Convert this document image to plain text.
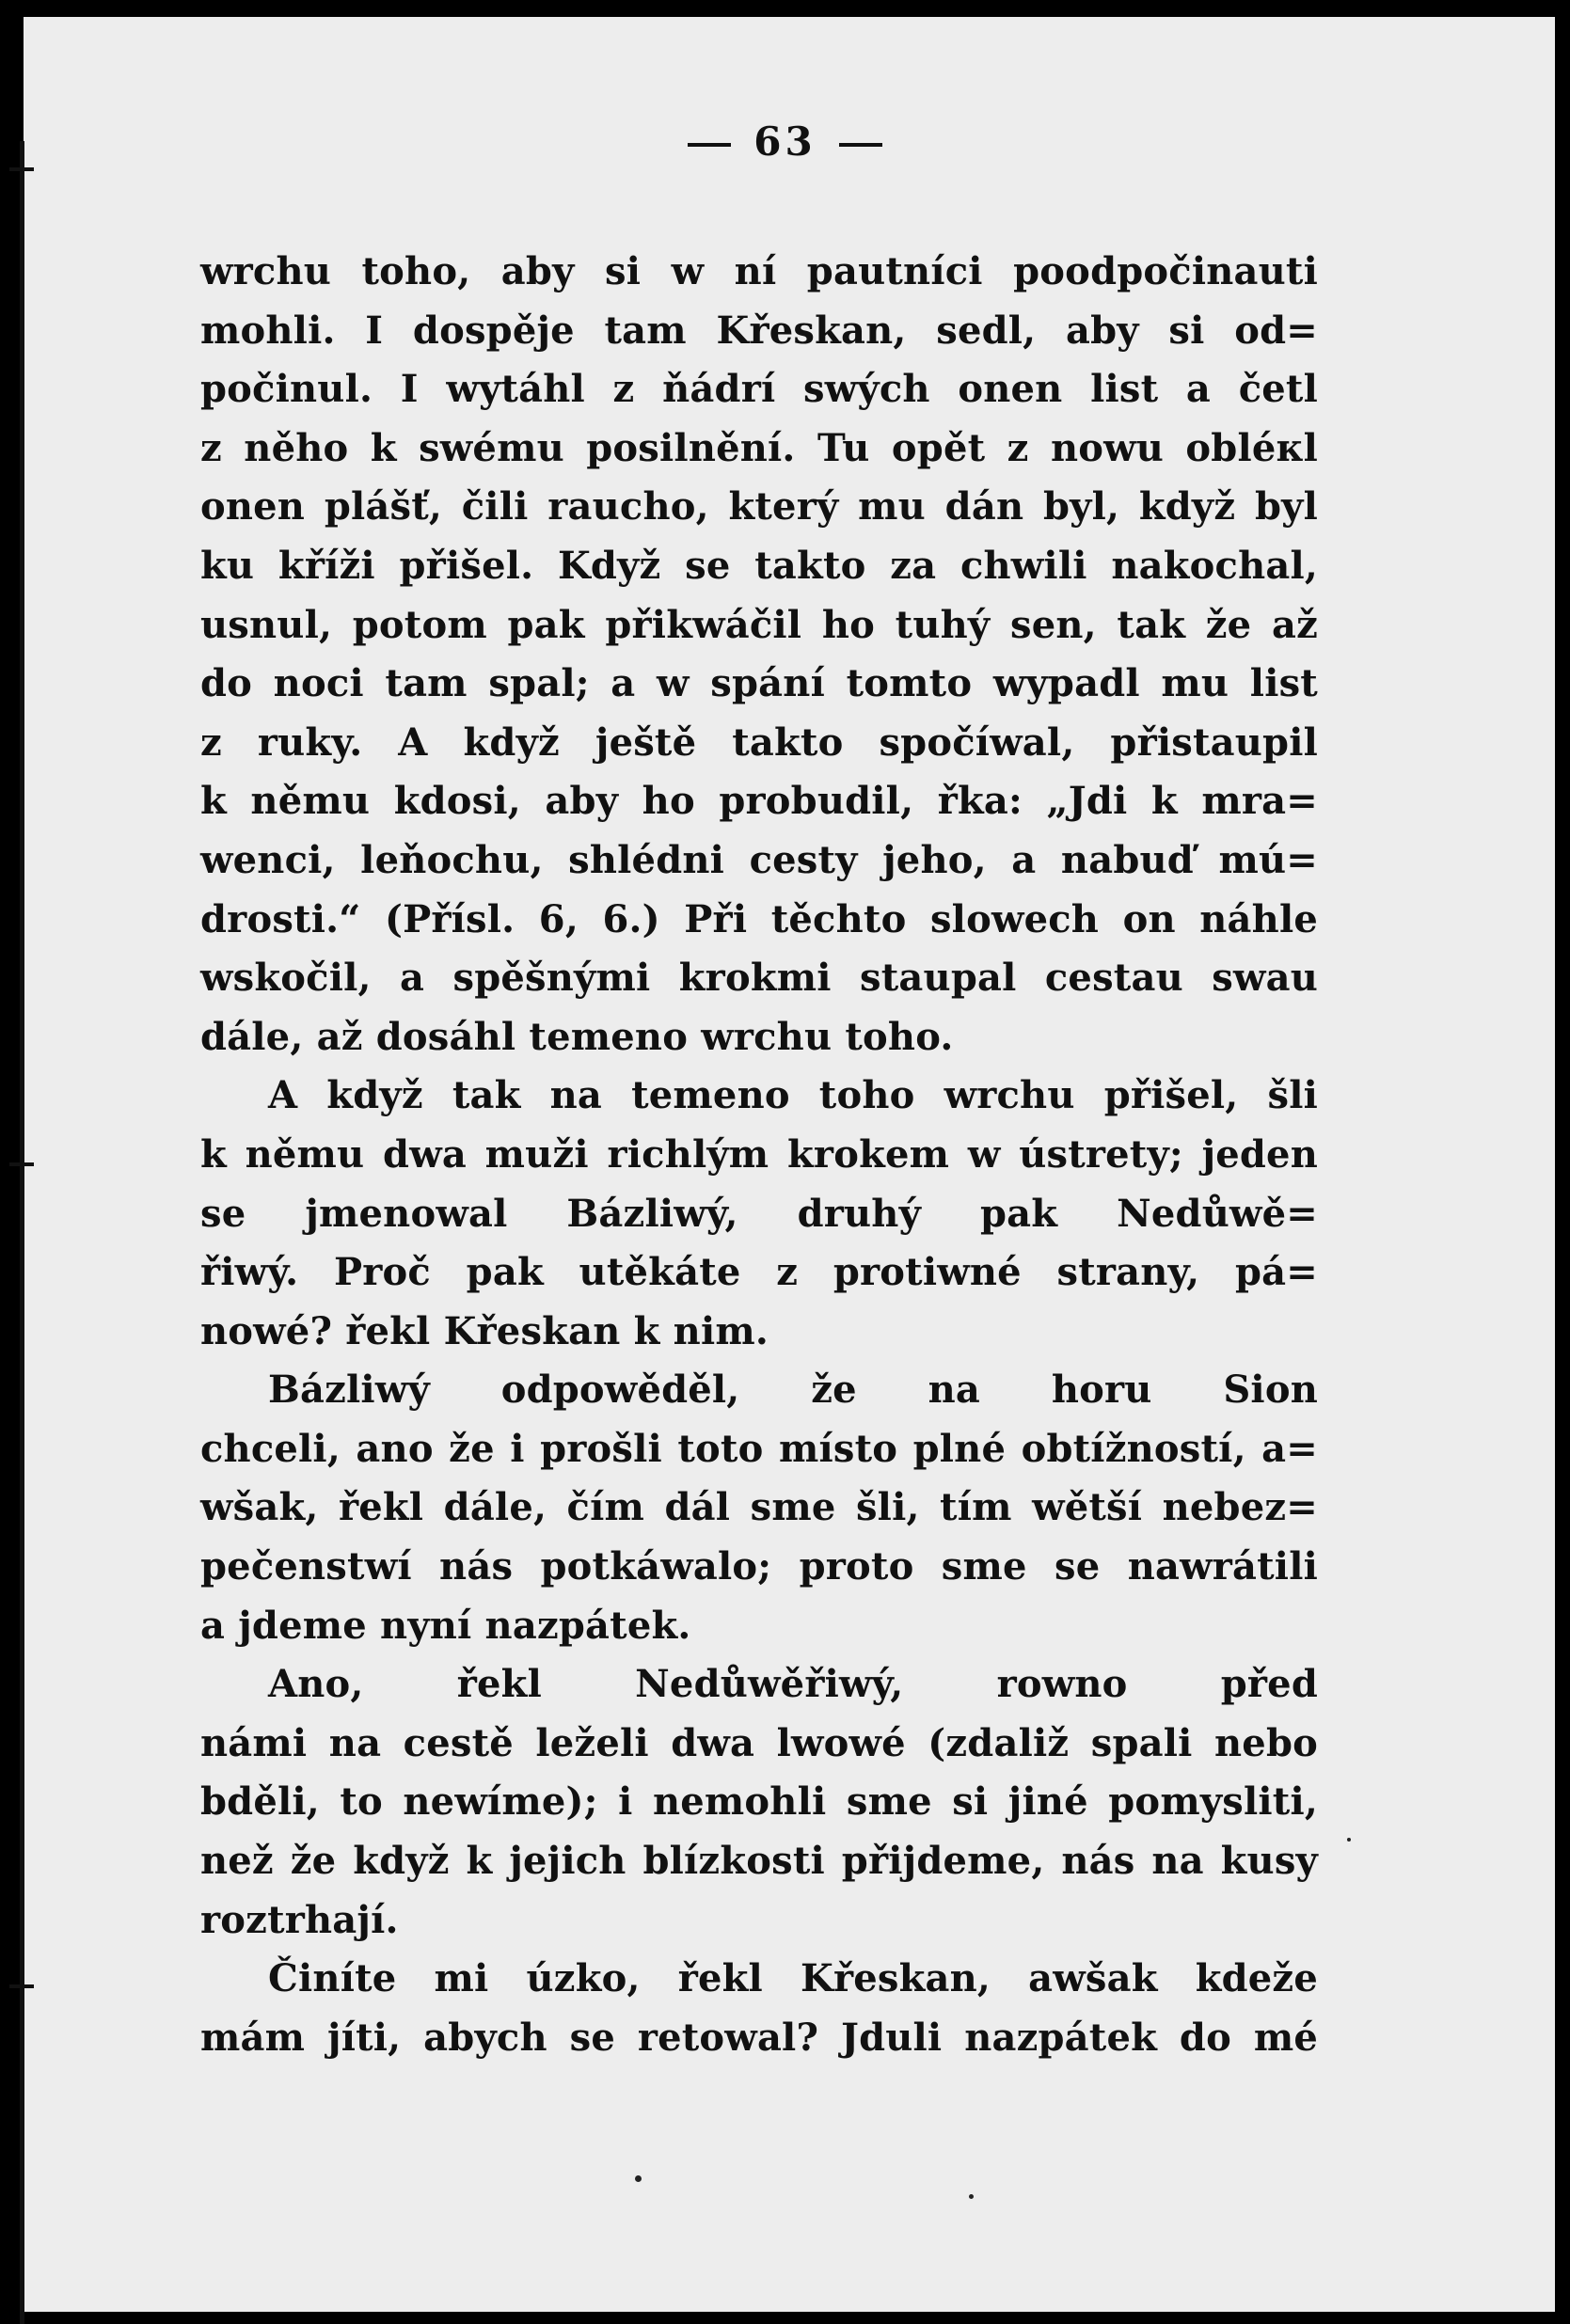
63
wrchu toho, aby si w ní pautníci poodpočinauti
mohli. I dospěje tam Křeskan, sedl, aby si od=
počinul. I wytáhl z ňádrí swých onen list a četl
z něho k swému posilnění. Tu opět z nowu obléкl
onen plášť, čili raucho, který mu dán byl, když byl
ku kříži přišel. Když se takto za chwili nakochal,
usnul, potom pak přikwáčil ho tuhý sen, tak že až
do noci tam spal; a w spání tomto wypadl mu list
z ruky. A když ještě takto spočíwal, přistaupil
k němu kdosi, aby ho probudil, řka: „Jdi k mra=
wenci, leňochu, shlédni cesty jeho, a nabuď mú=
drosti.“ (Přísl. 6, 6.) Při těchto slowech on náhle
wskočil, a spěšnými krokmi staupal cestau swau
dále, až dosáhl temeno wrchu toho.
A když tak na temeno toho wrchu přišel, šli
k němu dwa muži richlým krokem w ústrety; jeden
se jmenowal Bázliwý, druhý pak Nedůwě=
řiwý. Proč pak utěkáte z protiwné strany, pá=
nowé? řekl Křeskan k nim.
Bázliwý odpowěděl, že na horu Sion
chceli, ano že i prošli toto místo plné obtížností, a=
wšak, řekl dále, čím dál sme šli, tím wětší nebez=
pečenstwí nás potkáwalo; proto sme se nawrátili
a jdeme nyní nazpátek.
Ano, řekl Nedůwěřiwý, rowno před
námi na cestě leželi dwa lwowé (zdaliž spali nebo
bděli, to newíme); i nemohli sme si jiné pomysliti,
než že když k jejich blízkosti přijdeme, nás na kusy
roztrhají.
Činíte mi úzko, řekl Křeskan, awšak kdeže
mám jíti, abych se retowal? Jduli nazpátek do mé
